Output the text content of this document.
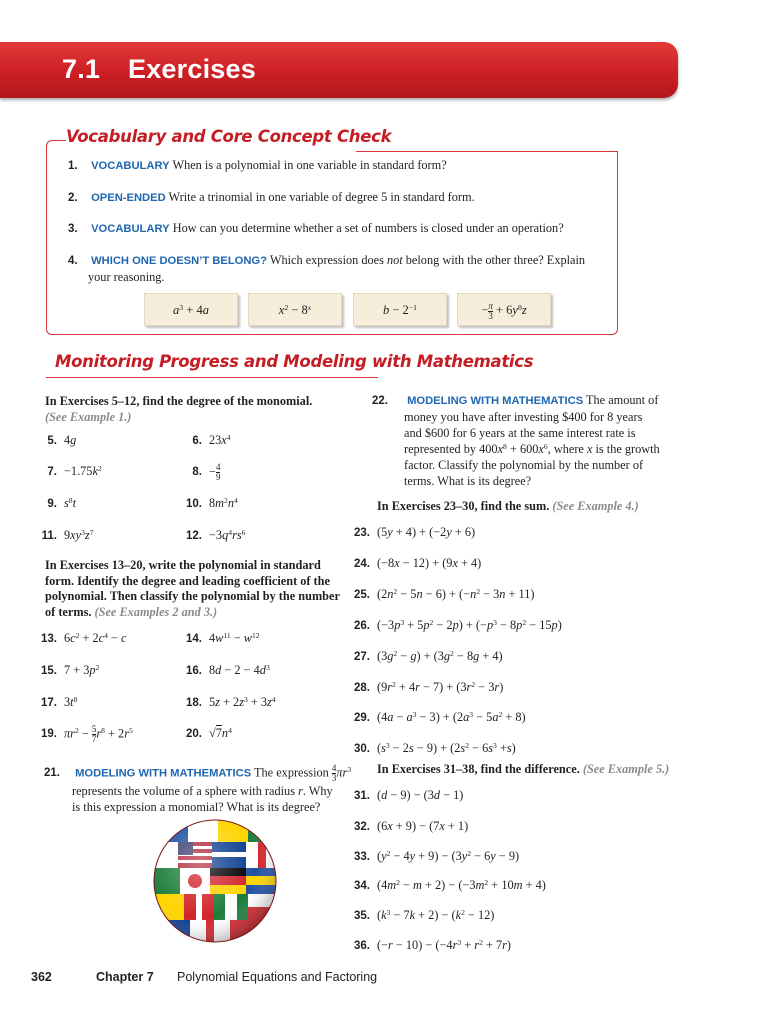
7.1 Exercises
Vocabulary and Core Concept Check
1. VOCABULARY When is a polynomial in one variable in standard form?
2. OPEN-ENDED Write a trinomial in one variable of degree 5 in standard form.
3. VOCABULARY How can you determine whether a set of numbers is closed under an operation?
4. WHICH ONE DOESN’T BELONG? Which expression does not belong with the other three? Explain
your reasoning.
$a^3 + 4a$	$x^2 - 8^x$	$b - 2^{-1}$	− $\frac{\pi}{3} + 6y^8z$
Monitoring Progress and Modeling with Mathematics
In Exercises 5–12, find the degree of the monomial.
(See Example 1.)
5. 4g	6. $23x^4$
7. $-1.75k^2$	8. − $\frac{4}{9}$
9. $s^8t$	10. $8m^2n^4$
11. $9xy^3z^7$	12. $-3q^4rs^6$
In Exercises 13–20, write the polynomial in standard
form. Identify the degree and leading coefficient of the
polynomial. Then classify the polynomial by the number
of terms. (See Examples 2 and 3.)
13. $6c^2 + 2c^4 - c$	14. $4w^{11} - w^{12}$
15. $7 + 3p^2$	16. $8d - 2 - 4d^3$
17. $3t^8$	18. $5z + 2z^3 + 3z^4$
19. $\pi r^2 - \frac{5}{7} r^8 + 2r^5$	20. $√7n^4$
21. MODELING WITH MATHEMATICS The expression $\frac{4}{3} \pi r^3$
represents the volume of a sphere with radius r. Why
is this expression a monomial? What is its degree?
22. MODELING WITH MATHEMATICS The amount of
money you have after investing $400 for 8 years
and $600 for 6 years at the same interest rate is
represented by $400x^8 + 600x^6$, where x is the growth
factor. Classify the polynomial by the number of
terms. What is its degree?
In Exercises 23–30, find the sum. (See Example 4.)
23. (5y + 4) + (−2y + 6)
24. (−8x − 12) + (9x + 4)
25. $(2n^2 - 5n - 6) + (-n^2 - 3n + 11)$
26. $(-3p^3 + 5p^2 - 2p) + (-p^3 - 8p^2 - 15p)$
27. $(3g^2 - g) + (3g^2 - 8g + 4)$
28. $(9r^2 + 4r - 7) + (3r^2 - 3r)$
29. $(4a - a^3 - 3) + (2a^3 - 5a^2 + 8)$
30. $(s^3 - 2s - 9) + (2s^2 - 6s^3 +s)$
In Exercises 31–38, find the difference. (See Example 5.)
31. (d − 9) − (3d − 1)
32. (6x + 9) − (7x + 1)
33. $(y^2 - 4y + 9) - (3y^2 - 6y - 9)$
34. $(4m^2 - m + 2) - (-3m^2 + 10m + 4)$
35. $(k^3 - 7k + 2) - (k^2 - 12)$
36. $(-r - 10) - (-4r^3 + r^2 + 7r)$
362	Chapter 7 Polynomial Equations and Factoring
